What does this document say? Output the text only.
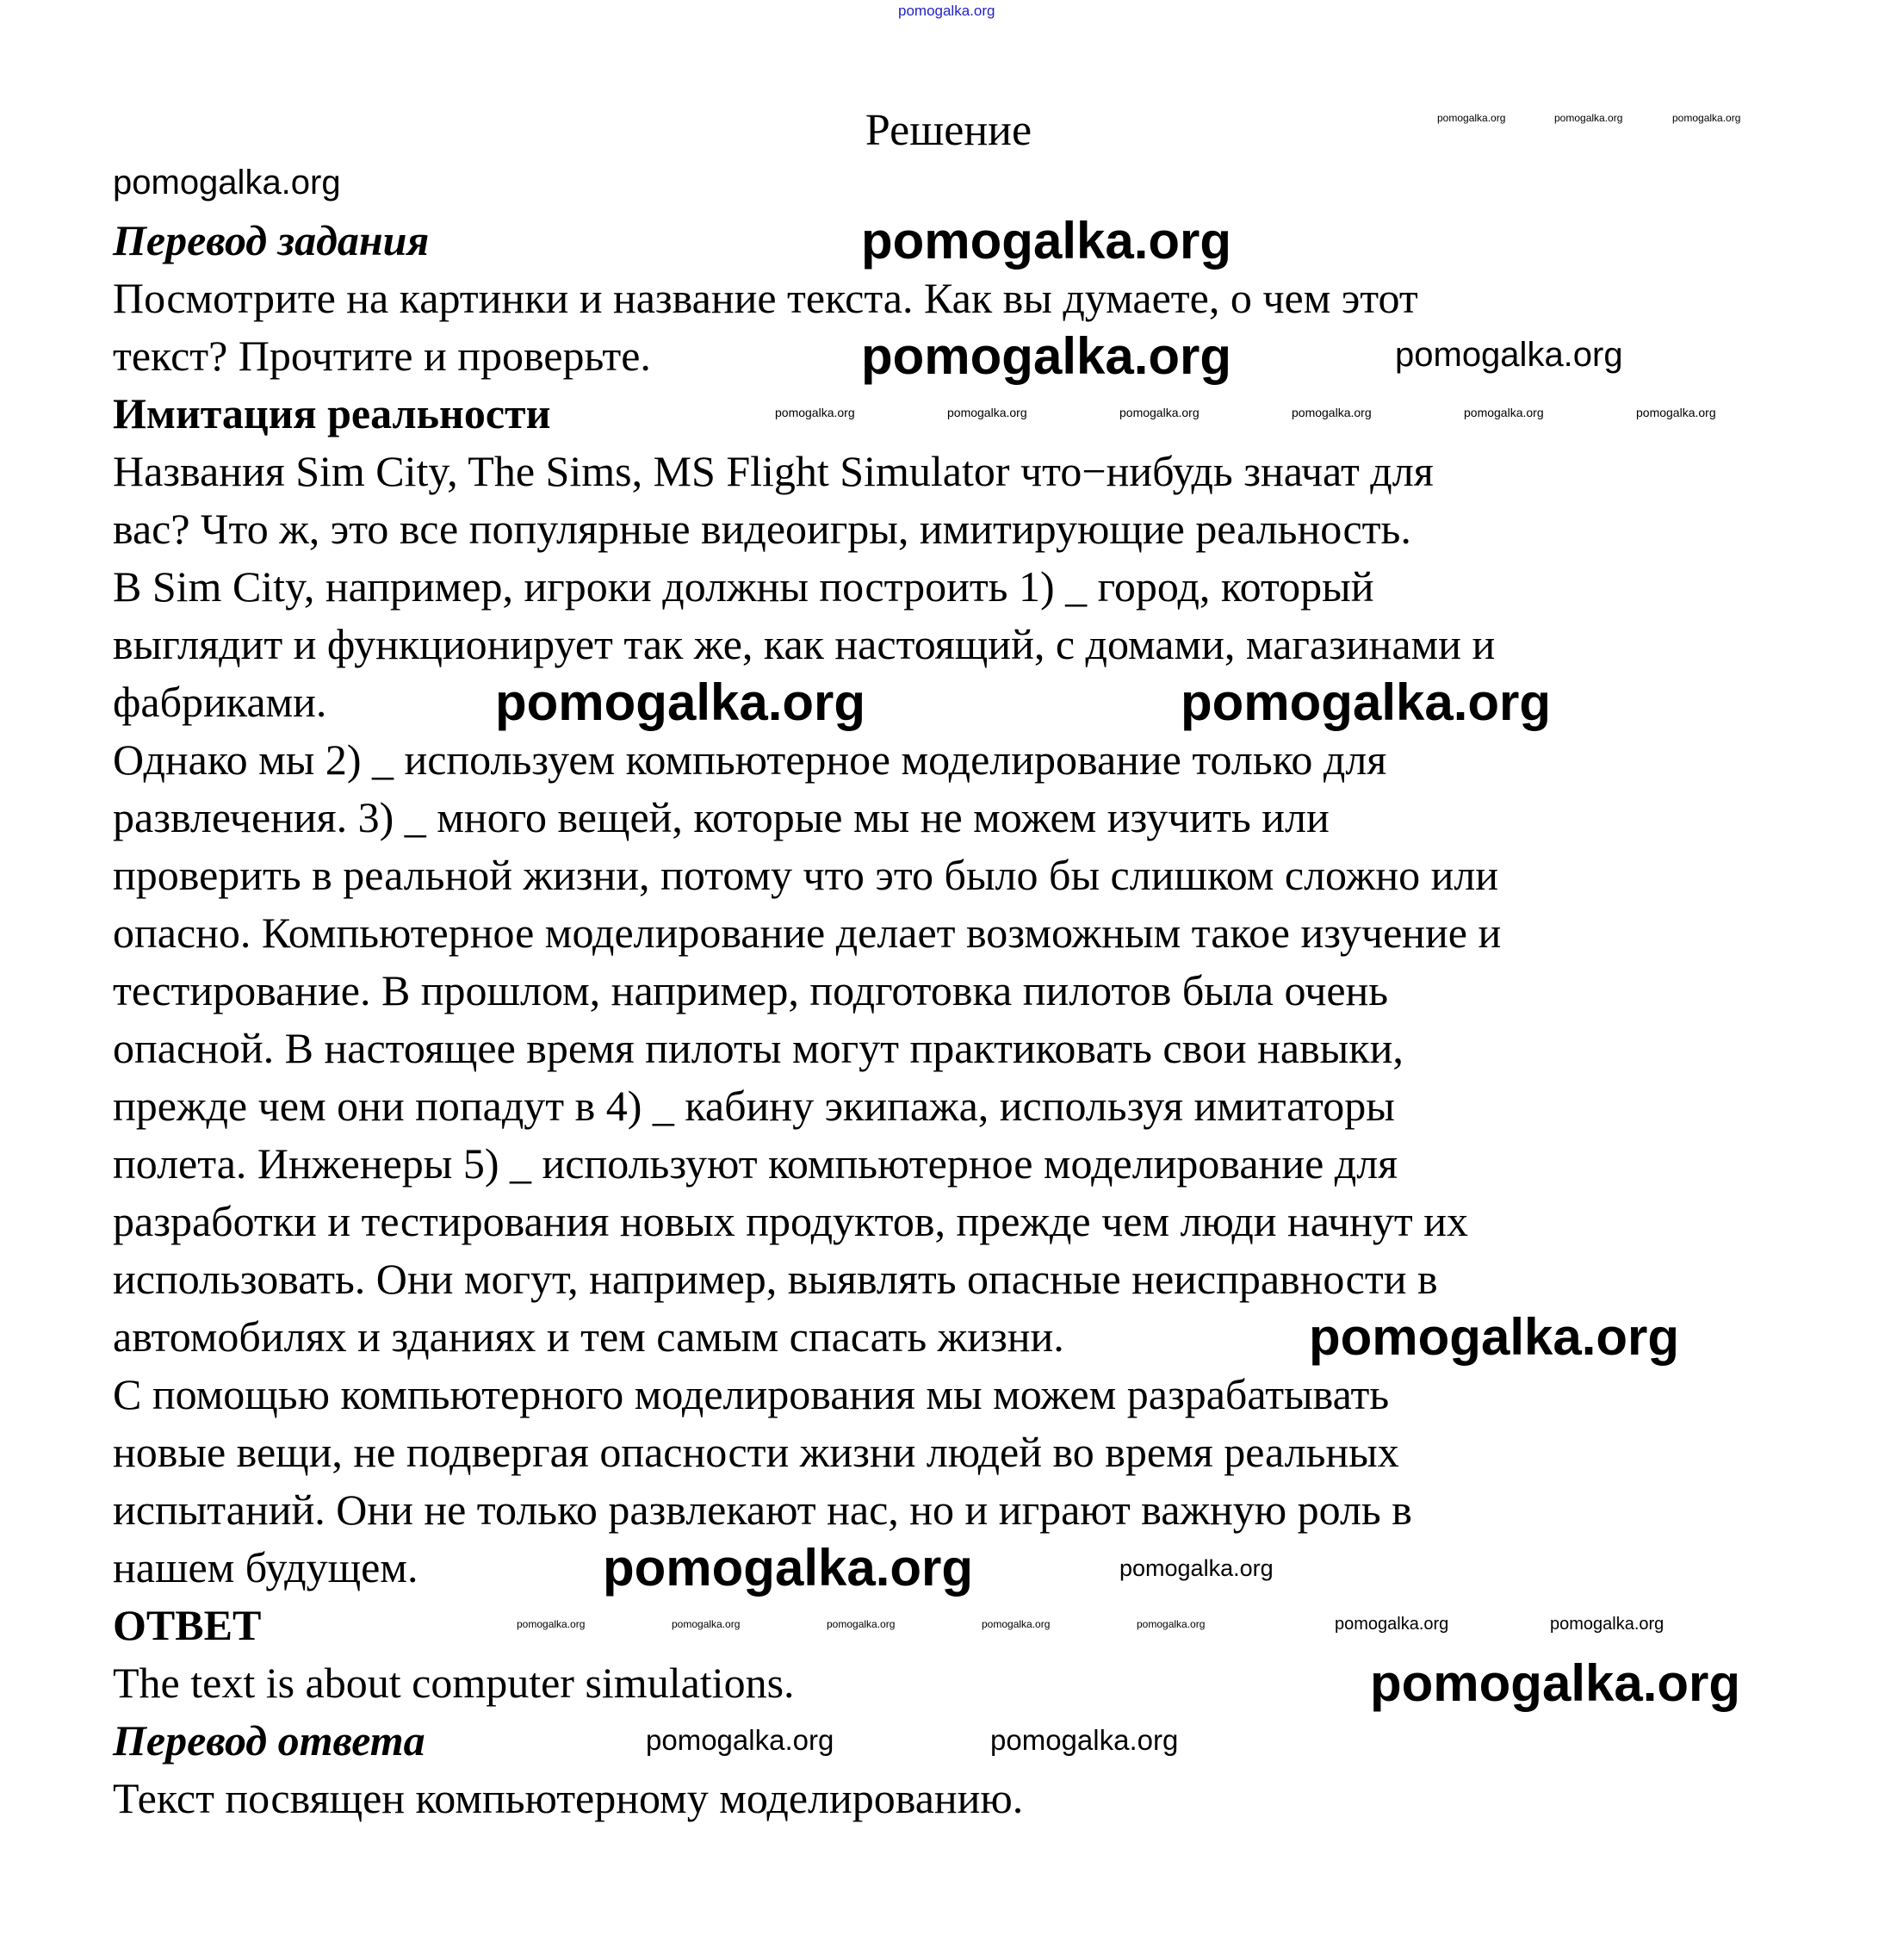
pomogalka.org
Решение	pomogalka.org	pomogalka.org	pomogalka.org
pomogalka.org
Перевод задания
Посмотрите на картинки и название текста. Как вы думаете, о чем этот
текст? Прочтите и проверьте.
Имитация реальности
Названия Sim City, The Sims, MS Flight Simulator что−нибудь значат для
вас? Что ж, это все популярные видеоигры, имитирующие реальность.
В Sim City, например, игроки должны построить 1) _ город, который
выглядит и функционирует так же, как настоящий, с домами, магазинами и
фабриками.
Однако мы 2) _ используем компьютерное моделирование только для
развлечения. 3) _ много вещей, которые мы не можем изучить или
проверить в реальной жизни, потому что это было бы слишком сложно или
опасно. Компьютерное моделирование делает возможным такое изучение и
тестирование. В прошлом, например, подготовка пилотов была очень
опасной. В настоящее время пилоты могут практиковать свои навыки,
прежде чем они попадут в 4) _ кабину экипажа, используя имитаторы
полета. Инженеры 5) _ используют компьютерное моделирование для
разработки и тестирования новых продуктов, прежде чем люди начнут их
использовать. Они могут, например, выявлять опасные неисправности в
автомобилях и зданиях и тем самым спасать жизни.
С помощью компьютерного моделирования мы можем разрабатывать
новые вещи, не подвергая опасности жизни людей во время реальных
испытаний. Они не только развлекают нас, но и играют важную роль в
нашем будущем.
ОТВЕТ
The text is about computer simulations.
Перевод ответа
Текст посвящен компьютерному моделированию.
pomogalka.org
pomogalka.org	pomogalka.org
pomogalka.org	pomogalka.org	pomogalka.org	pomogalka.org	pomogalka.org	pomogalka.org
pomogalka.org	pomogalka.org
pomogalka.org
pomogalka.org	pomogalka.org
pomogalka.org	pomogalka.org	pomogalka.org	pomogalka.org	pomogalka.org	pomogalka.org	pomogalka.org
pomogalka.org
pomogalka.org	pomogalka.org
